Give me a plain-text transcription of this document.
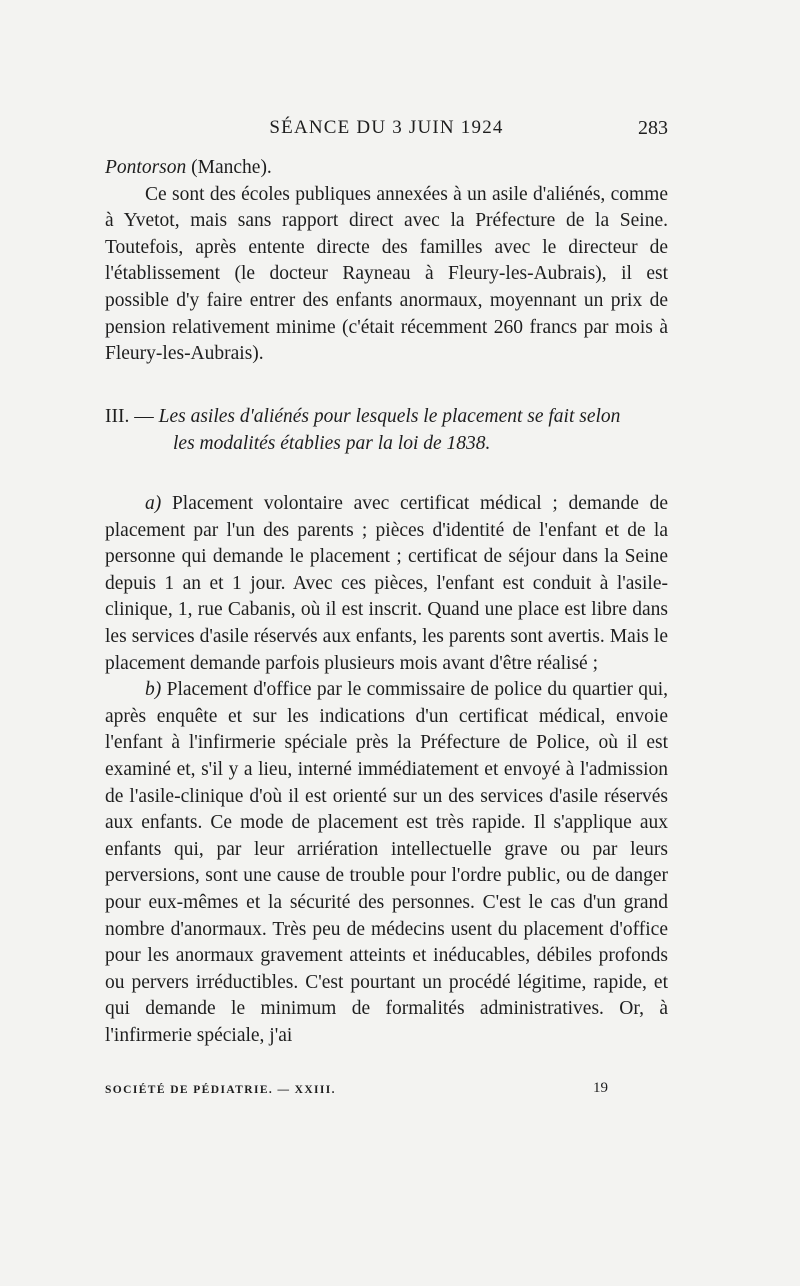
SÉANCE DU 3 JUIN 1924	283

Pontorson (Manche).

Ce sont des écoles publiques annexées à un asile d'aliénés, comme à Yvetot, mais sans rapport direct avec la Préfecture de la Seine. Toutefois, après entente directe des familles avec le directeur de l'établissement (le docteur Rayneau à Fleury-les-Aubrais), il est possible d'y faire entrer des enfants anormaux, moyennant un prix de pension relativement minime (c'était récemment 260 francs par mois à Fleury-les-Aubrais).

III. — Les asiles d'aliénés pour lesquels le placement se fait selon
les modalités établies par la loi de 1838.

a) Placement volontaire avec certificat médical ; demande de placement par l'un des parents ; pièces d'identité de l'enfant et de la personne qui demande le placement ; certificat de séjour dans la Seine depuis 1 an et 1 jour. Avec ces pièces, l'enfant est conduit à l'asile-clinique, 1, rue Cabanis, où il est inscrit. Quand une place est libre dans les services d'asile réservés aux enfants, les parents sont avertis. Mais le placement demande parfois plusieurs mois avant d'être réalisé ;

b) Placement d'office par le commissaire de police du quartier qui, après enquête et sur les indications d'un certificat médical, envoie l'enfant à l'infirmerie spéciale près la Préfecture de Police, où il est examiné et, s'il y a lieu, interné immédiatement et envoyé à l'admission de l'asile-clinique d'où il est orienté sur un des services d'asile réservés aux enfants. Ce mode de placement est très rapide. Il s'applique aux enfants qui, par leur arriération intellectuelle grave ou par leurs perversions, sont une cause de trouble pour l'ordre public, ou de danger pour eux-mêmes et la sécurité des personnes. C'est le cas d'un grand nombre d'anormaux. Très peu de médecins usent du placement d'office pour les anormaux gravement atteints et inéducables, débiles profonds ou pervers irréductibles. C'est pourtant un procédé légitime, rapide, et qui demande le minimum de formalités administratives. Or, à l'infirmerie spéciale, j'ai

SOCIÉTÉ DE PÉDIATRIE. — XXIII.	19
